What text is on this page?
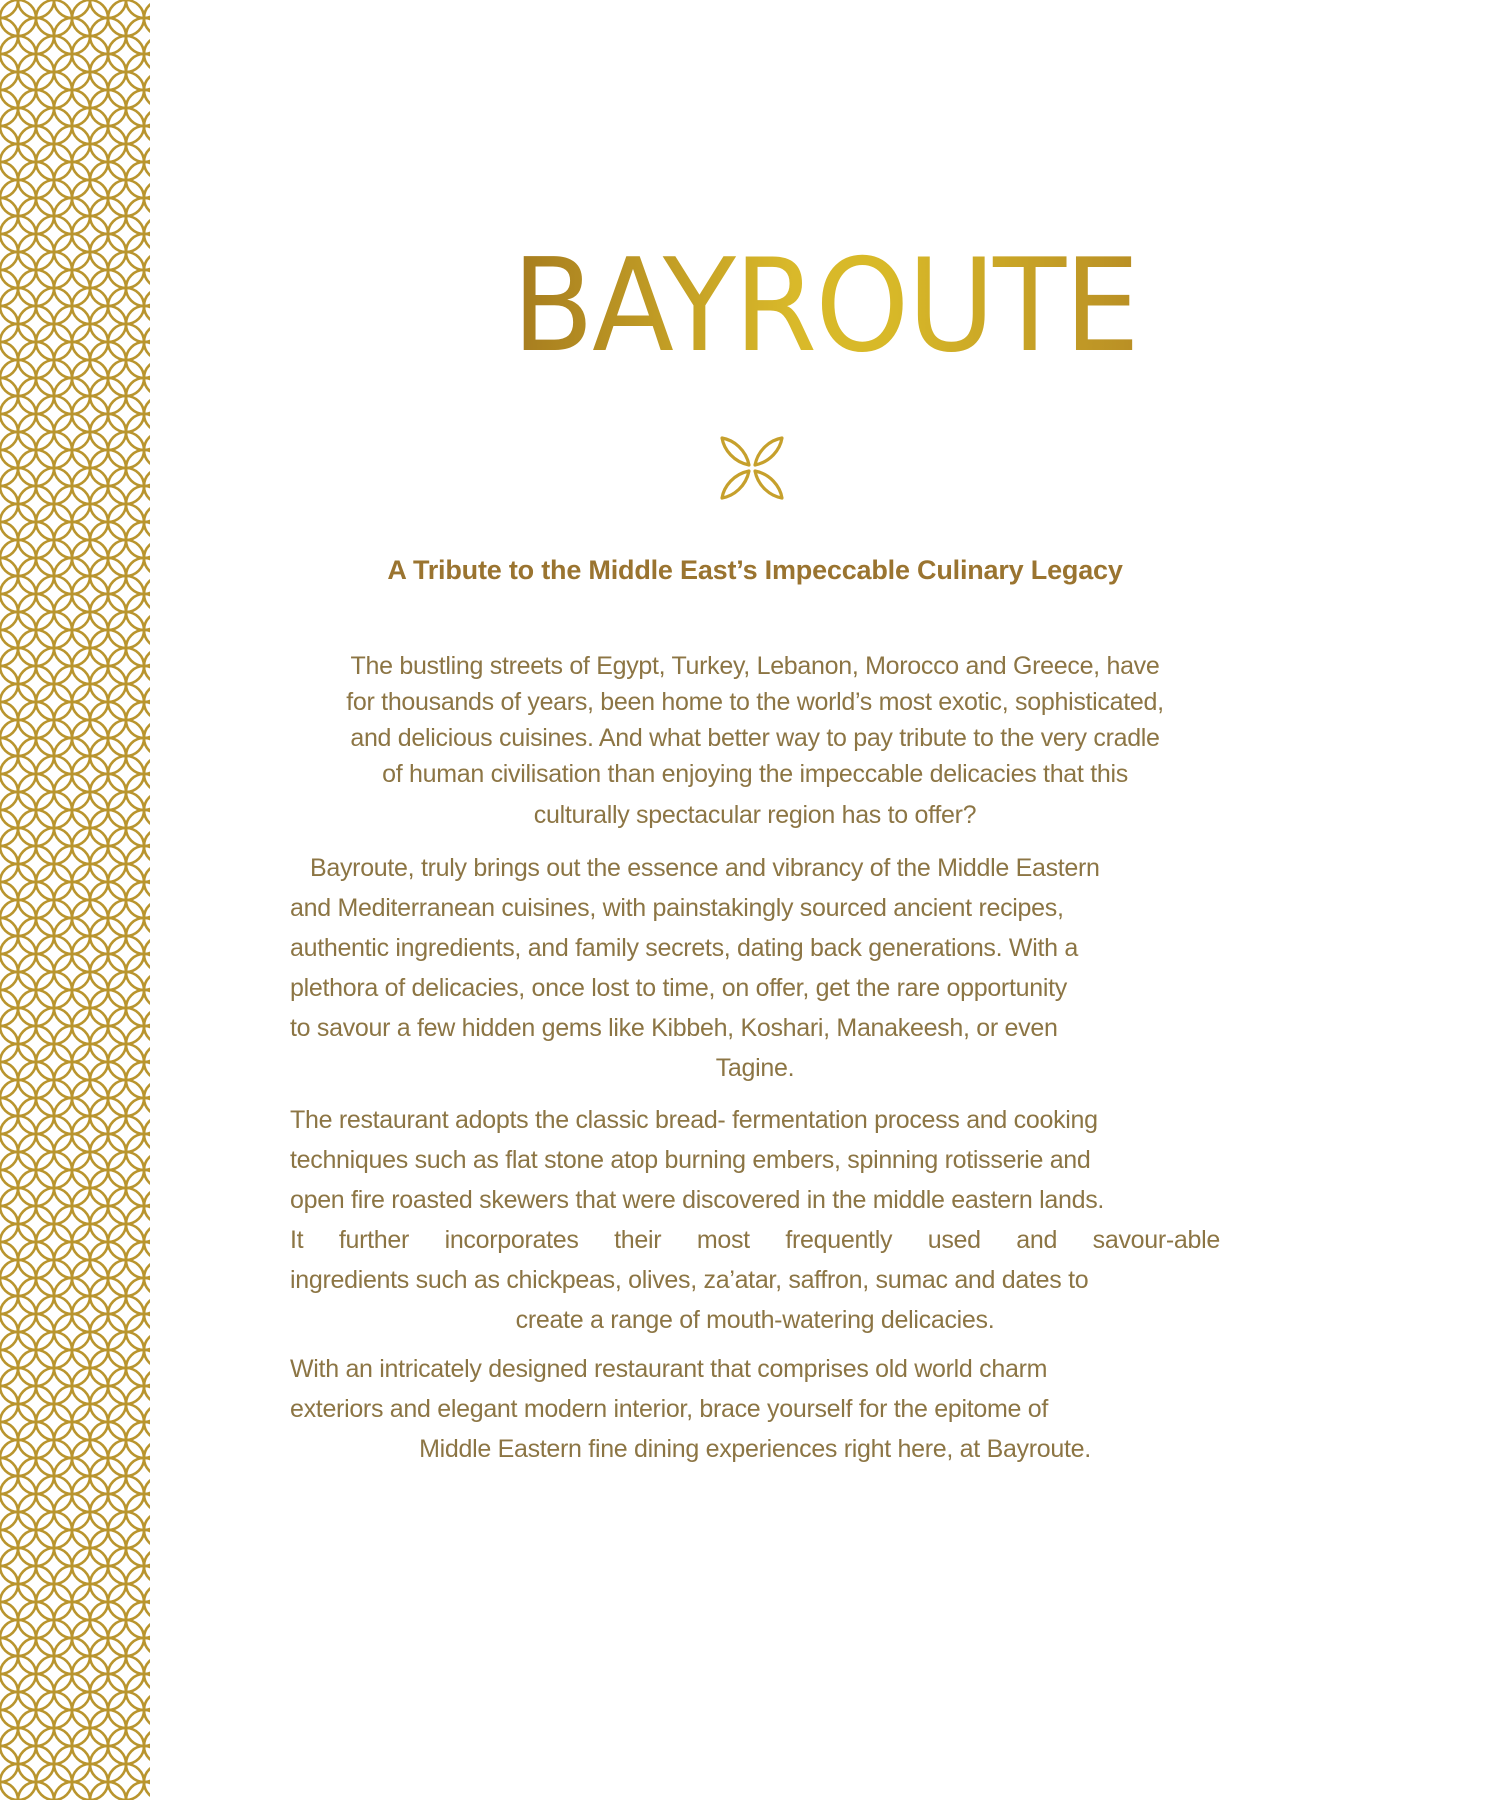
BAYROUTE
A Tribute to the Middle East’s Impeccable Culinary Legacy
The bustling streets of Egypt, Turkey, Lebanon, Morocco and Greece, have
for thousands of years, been home to the world’s most exotic, sophisticated,
and delicious cuisines. And what better way to pay tribute to the very cradle
of human civilisation than enjoying the impeccable delicacies that this
culturally spectacular region has to offer?
Bayroute, truly brings out the essence and vibrancy of the Middle Eastern
and Mediterranean cuisines, with painstakingly sourced ancient recipes,
authentic ingredients, and family secrets, dating back generations. With a
plethora of delicacies, once lost to time, on offer, get the rare opportunity
to savour a few hidden gems like Kibbeh, Koshari, Manakeesh, or even
Tagine.
The restaurant adopts the classic bread- fermentation process and cooking
techniques such as flat stone atop burning embers, spinning rotisserie and
open fire roasted skewers that were discovered in the middle eastern lands.
It further incorporates their most frequently used and savour-able
ingredients such as chickpeas, olives, za’atar, saffron, sumac and dates to
create a range of mouth-watering delicacies.
With an intricately designed restaurant that comprises old world charm
exteriors and elegant modern interior, brace yourself for the epitome of
Middle Eastern fine dining experiences right here, at Bayroute.
